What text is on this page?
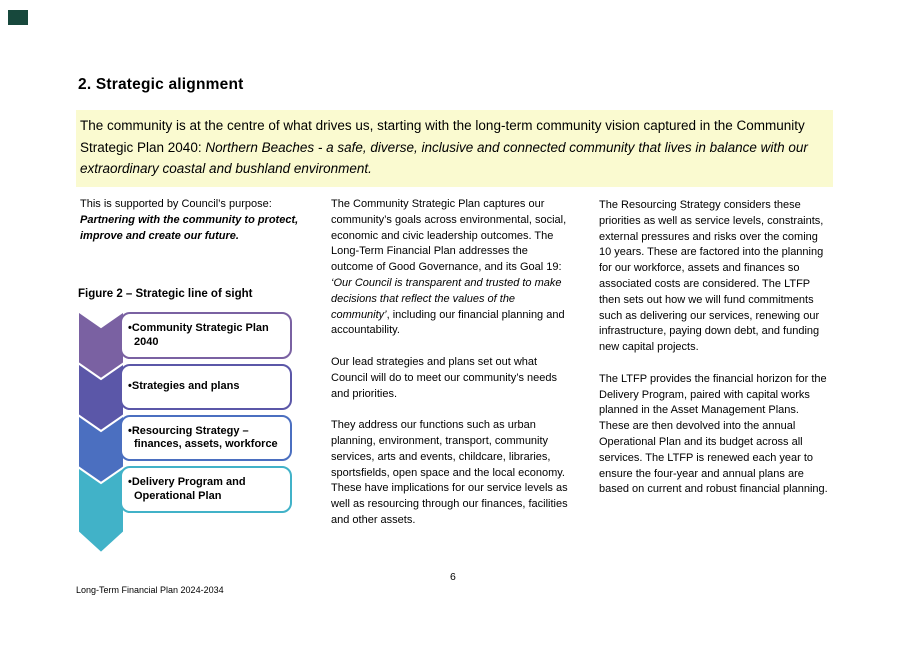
2. Strategic alignment
The community is at the centre of what drives us, starting with the long-term community vision captured in the Community Strategic Plan 2040: Northern Beaches - a safe, diverse, inclusive and connected community that lives in balance with our extraordinary coastal and bushland environment.

This is supported by Council’s purpose: Partnering with the community to protect, improve and create our future.

Figure 2 – Strategic line of sight
•Community Strategic Plan 2040
•Strategies and plans
•Resourcing Strategy – finances, assets, workforce
•Delivery Program and Operational Plan

The Community Strategic Plan captures our community’s goals across environmental, social, economic and civic leadership outcomes. The Long-Term Financial Plan addresses the outcome of Good Governance, and its Goal 19: ‘Our Council is transparent and trusted to make decisions that reflect the values of the community’, including our financial planning and accountability.

Our lead strategies and plans set out what Council will do to meet our community’s needs and priorities.

They address our functions such as urban planning, environment, transport, community services, arts and events, childcare, libraries, sportsfields, open space and the local economy. These have implications for our service levels as well as resourcing through our finances, facilities and other assets.

The Resourcing Strategy considers these priorities as well as service levels, constraints, external pressures and risks over the coming 10 years. These are factored into the planning for our workforce, assets and finances so associated costs are considered. The LTFP then sets out how we will fund commitments such as delivering our services, renewing our infrastructure, paying down debt, and funding new capital projects.

The LTFP provides the financial horizon for the Delivery Program, paired with capital works planned in the Asset Management Plans. These are then devolved into the annual Operational Plan and its budget across all services. The LTFP is renewed each year to ensure the four-year and annual plans are based on current and robust financial planning.

6
Long-Term Financial Plan 2024-2034
